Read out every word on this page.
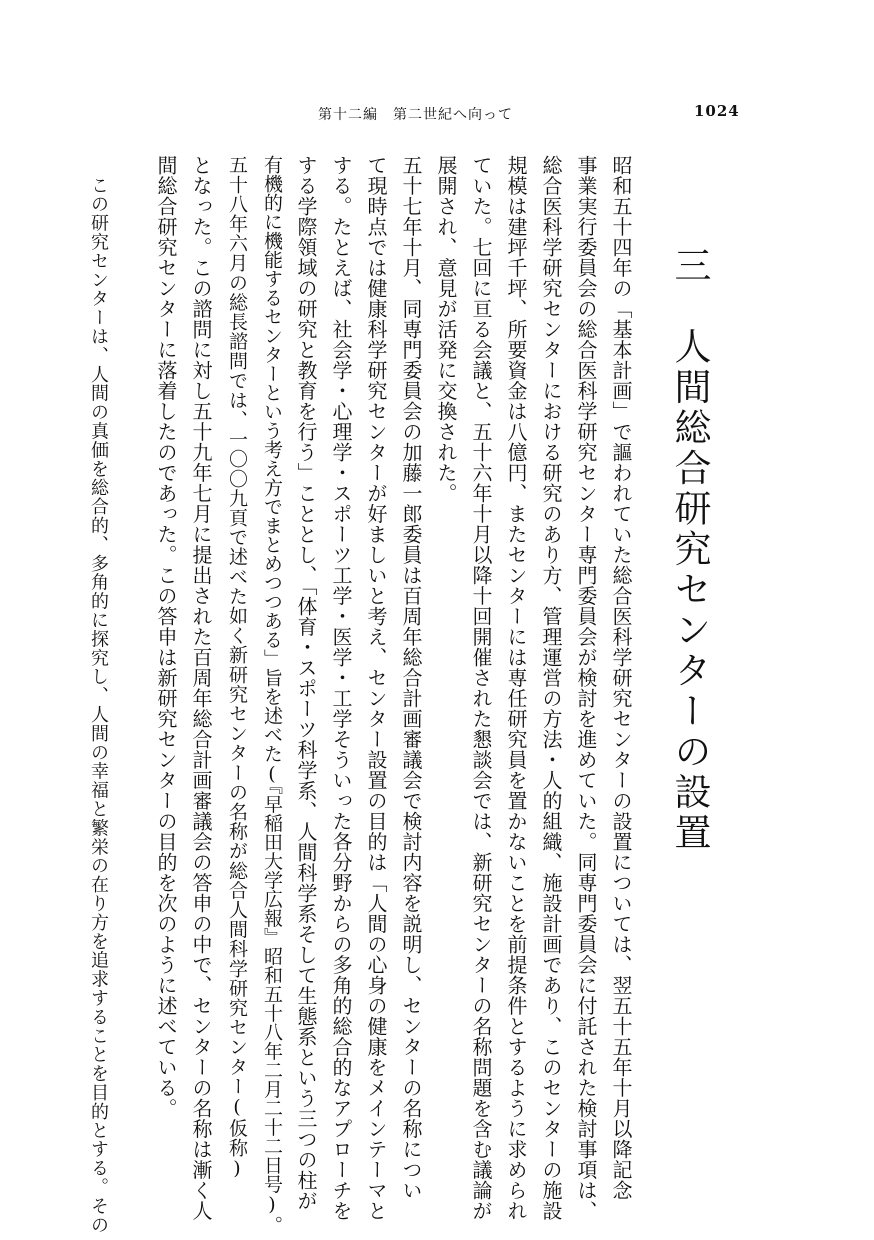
第十二編　第二世紀へ向って	1024
三　人間総合研究センターの設置
昭和五十四年の「基本計画」で謳われていた総合医科学研究センターの設置については、翌五十五年十月以降記念
事業実行委員会の総合医科学研究センター専門委員会が検討を進めていた。同専門委員会に付託された検討事項は、
総合医科学研究センターにおける研究のあり方、管理運営の方法・人的組織、施設計画であり、このセンターの施設
規模は建坪千坪、所要資金は八億円、またセンターには専任研究員を置かないことを前提条件とするように求められ
ていた。七回に亘る会議と、五十六年十月以降十回開催された懇談会では、新研究センターの名称問題を含む議論が
展開され、意見が活発に交換された。
五十七年十月、同専門委員会の加藤一郎委員は百周年総合計画審議会で検討内容を説明し、センターの名称につい
て現時点では健康科学研究センターが好ましいと考え、センター設置の目的は「人間の心身の健康をメインテーマと
する。たとえば、社会学・心理学・スポーツ工学・医学・工学そういった各分野からの多角的総合的なアプローチを
する学際領域の研究と教育を行う」こととし、「体育・スポーツ科学系、人間科学系そして生態系という三つの柱が
有機的に機能するセンターという考え方でまとめつつある」旨を述べた(『早稲田大学広報』昭和五十八年二月二十二日号)。
五十八年六月の総長諮問では、一〇〇九頁で述べた如く新研究センターの名称が総合人間科学研究センター(仮称)
となった。この諮問に対し五十九年七月に提出された百周年総合計画審議会の答申の中で、センターの名称は漸く人
間総合研究センターに落着したのであった。この答申は新研究センターの目的を次のように述べている。
この研究センターは、人間の真価を総合的、多角的に探究し、人間の幸福と繁栄の在り方を追求することを目的とする。その
